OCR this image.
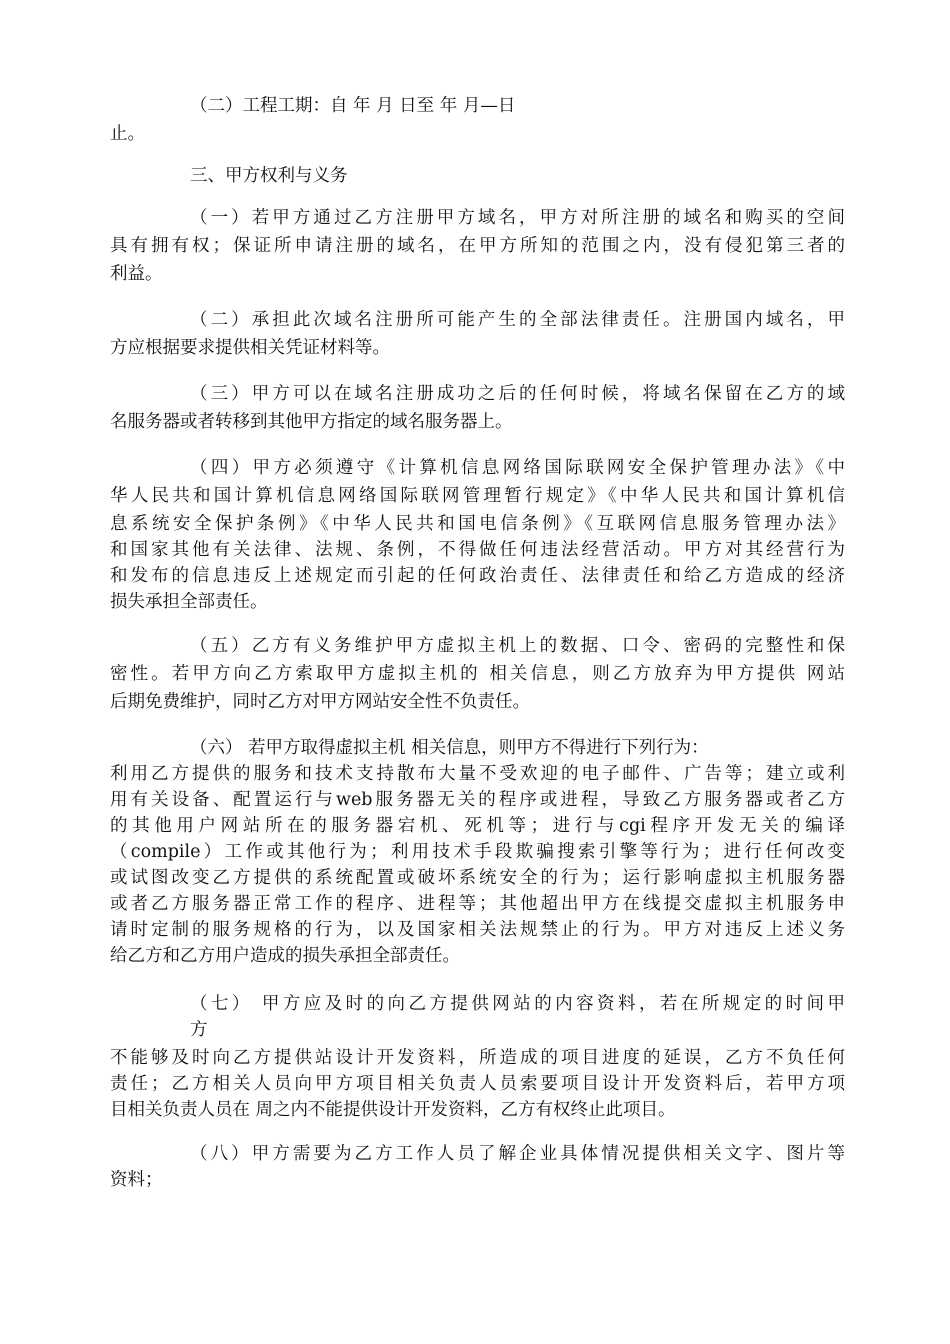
（二）工程工期：自 年 月 日至 年 月—日
止。
三、甲方权利与义务
（一）若甲方通过乙方注册甲方域名，甲方对所注册的域名和购买的空间
具有拥有权；保证所申请注册的域名，在甲方所知的范围之内，没有侵犯第三者的
利益。
（二）承担此次域名注册所可能产生的全部法律责任。注册国内域名，甲
方应根据要求提供相关凭证材料等。
（三）甲方可以在域名注册成功之后的任何时候，将域名保留在乙方的域
名服务器或者转移到其他甲方指定的域名服务器上。
（四）甲方必须遵守《计算机信息网络国际联网安全保护管理办法》《中
华人民共和国计算机信息网络国际联网管理暂行规定》《中华人民共和国计算机信
息系统安全保护条例》《中华人民共和国电信条例》《互联网信息服务管理办法》
和国家其他有关法律、法规、条例，不得做任何违法经营活动。甲方对其经营行为
和发布的信息违反上述规定而引起的任何政治责任、法律责任和给乙方造成的经济
损失承担全部责任。
（五）乙方有义务维护甲方虚拟主机上的数据、口令、密码的完整性和保
密性。若甲方向乙方索取甲方虚拟主机的 相关信息，则乙方放弃为甲方提供 网站
后期免费维护，同时乙方对甲方网站安全性不负责任。
（六） 若甲方取得虚拟主机 相关信息，则甲方不得进行下列行为：
利用乙方提供的服务和技术支持散布大量不受欢迎的电子邮件、广告等；建立或利
用有关设备、配置运行与web服务器无关的程序或进程，导致乙方服务器或者乙方
的其他用户网站所在的服务器宕机、死机等；进行与cgi程序开发无关的编译
（compile）工作或其他行为；利用技术手段欺骗搜索引擎等行为；进行任何改变
或试图改变乙方提供的系统配置或破坏系统安全的行为；运行影响虚拟主机服务器
或者乙方服务器正常工作的程序、进程等；其他超出甲方在线提交虚拟主机服务申
请时定制的服务规格的行为，以及国家相关法规禁止的行为。甲方对违反上述义务
给乙方和乙方用户造成的损失承担全部责任。
（七） 甲方应及时的向乙方提供网站的内容资料，若在所规定的时间甲
方
不能够及时向乙方提供站设计开发资料，所造成的项目进度的延误，乙方不负任何
责任；乙方相关人员向甲方项目相关负责人员索要项目设计开发资料后，若甲方项
目相关负责人员在 周之内不能提供设计开发资料，乙方有权终止此项目。
（八）甲方需要为乙方工作人员了解企业具体情况提供相关文字、图片等
资料；
